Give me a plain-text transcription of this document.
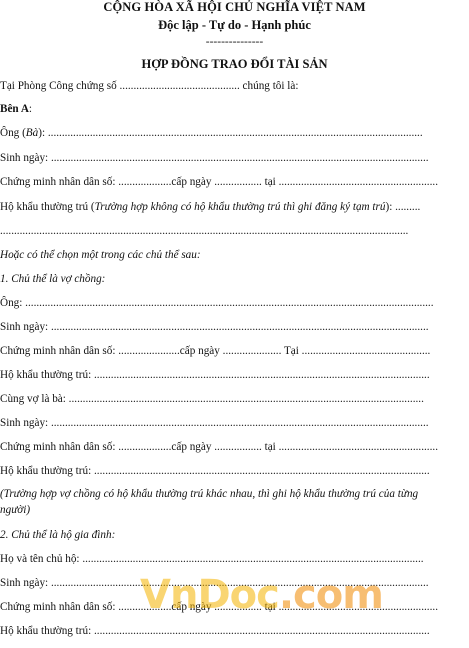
CỘNG HÒA XÃ HỘI CHỦ NGHĨA VIỆT NAM
Độc lập - Tự do - Hạnh phúc
---------------
HỢP ĐỒNG TRAO ĐỔI TÀI SẢN
Tại Phòng Công chứng số ........................................... chúng tôi là:
Bên A:
Ông (Bà): ......................................................................................................................................
Sinh ngày: .......................................................................................................................................
Chứng minh nhân dân số: ...................cấp ngày ................. tại .........................................................
Hộ khẩu thường trú (Trường hợp không có hộ khẩu thường trú thì ghi đăng ký tạm trú): .........
..................................................................................................................................................
Hoặc có thể chọn một trong các chủ thể sau:
1. Chủ thể là vợ chồng:
Ông: ..................................................................................................................................................
Sinh ngày: .......................................................................................................................................
Chứng minh nhân dân số: ......................cấp ngày ..................... Tại ..............................................
Hộ khẩu thường trú: ........................................................................................................................
Cùng vợ là bà: ...............................................................................................................................
Sinh ngày: .......................................................................................................................................
Chứng minh nhân dân số: ...................cấp ngày ................. tại .........................................................
Hộ khẩu thường trú: ........................................................................................................................
(Trường hợp vợ chồng có hộ khẩu thường trú khác nhau, thì ghi hộ khẩu thường trú của từng
người)
2. Chủ thể là hộ gia đình:
Họ và tên chủ hộ: ..........................................................................................................................
Sinh ngày: .......................................................................................................................................
Chứng minh nhân dân số: ...................cấp ngày ................. tại .........................................................
Hộ khẩu thường trú: ........................................................................................................................
VnDoc.com
